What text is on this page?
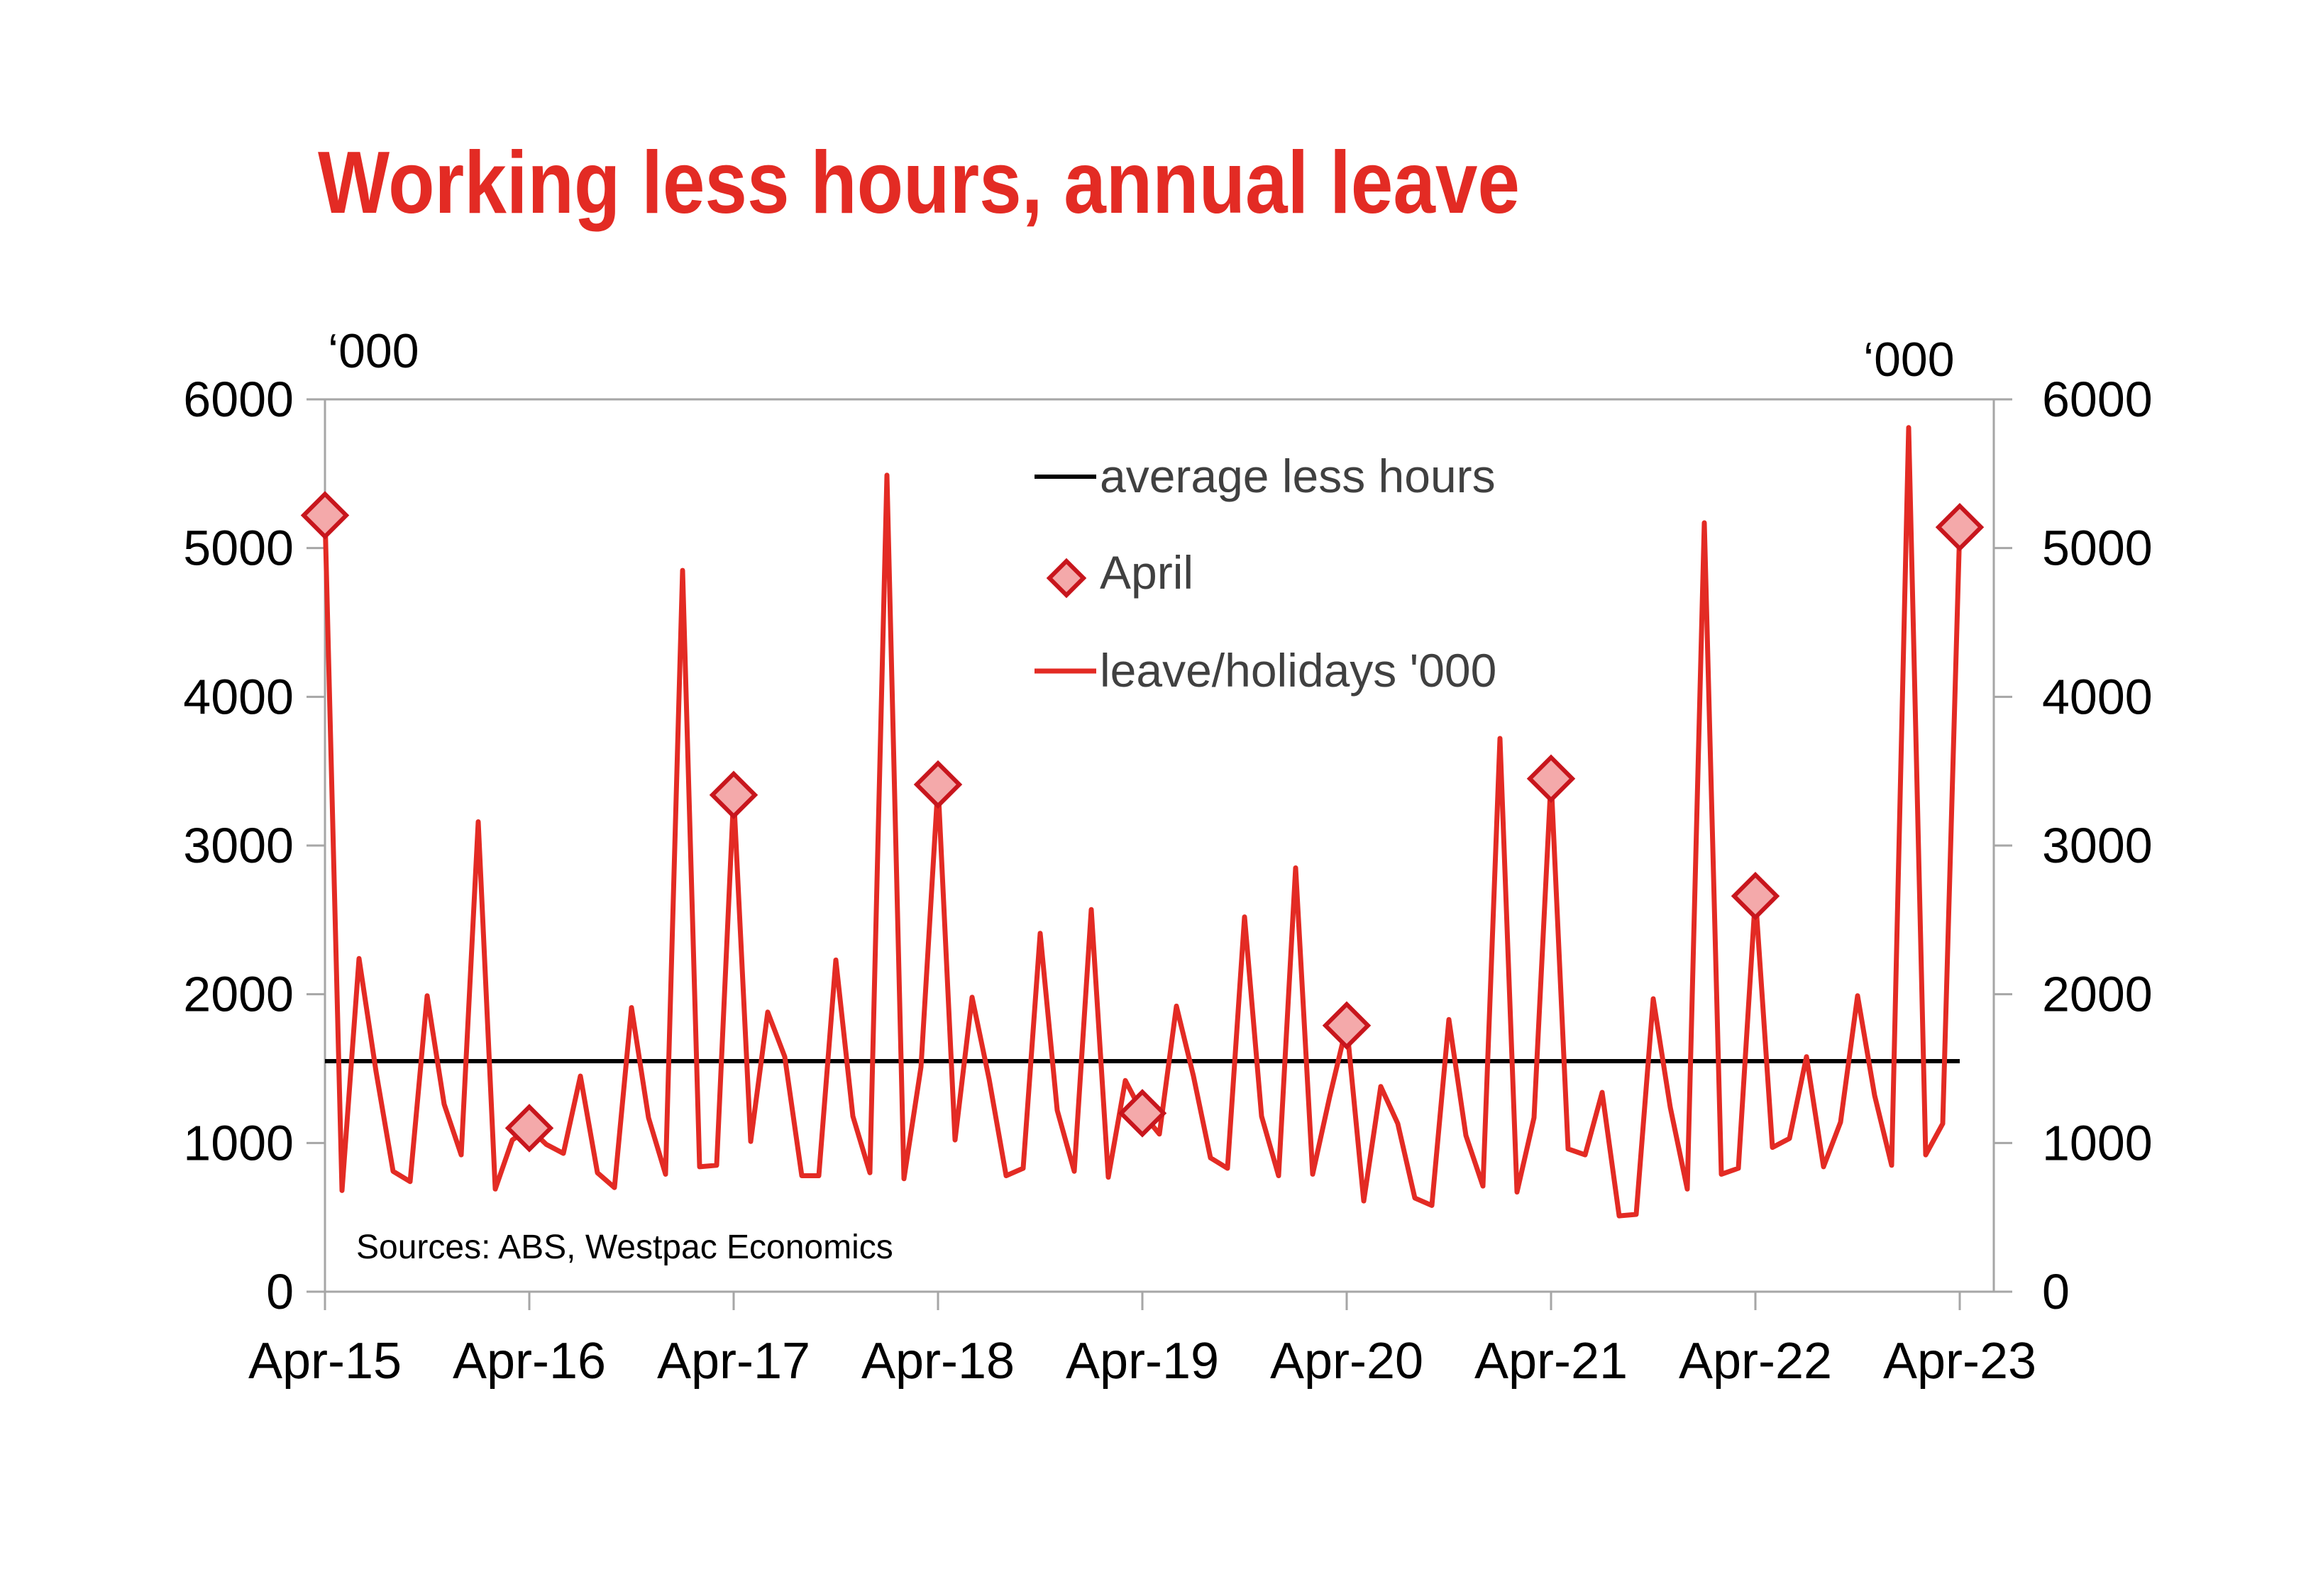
Working less hours, annual leave
‘000	‘000
0
1000
2000
3000
4000
5000
6000
0
1000
2000
3000
4000
5000
6000
Apr-15 Apr-16 Apr-17 Apr-18 Apr-19 Apr-20 Apr-21 Apr-22 Apr-23
average less hours
April
leave/holidays '000
Sources: ABS, Westpac Economics
